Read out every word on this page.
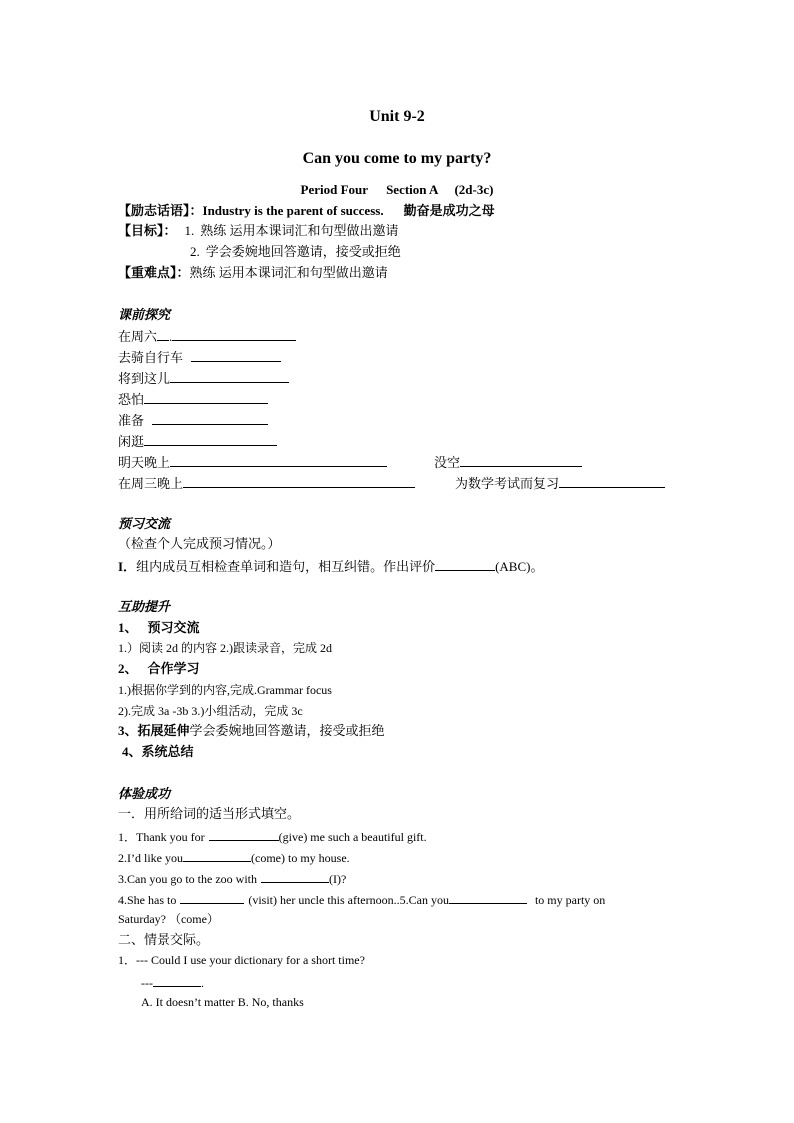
Unit 9-2
Can you come to my party?
Period Four Section A (2d-3c)
【励志话语】：Industry is the parent of success. 勤奋是成功之母
【目标】： 1. 熟练 运用本课词汇和句型做出邀请
2. 学会委婉地回答邀请，接受或拒绝
【重难点】：熟练 运用本课词汇和句型做出邀请
课前探究
在周六 .
去骑自行车
将到这儿
恐怕
准备
闲逛
明天晚上	没空
在周三晚上	为数学考试而复习
预习交流
（检查个人完成预习情况。）
I．组内成员互相检查单词和造句，相互纠错。作出评价	(ABC)。
互助提升
1、 预习交流
1.）阅读 2d 的内容 2.)跟读录音，完成 2d
2、 合作学习
1.)根据你学到的内容,完成.Grammar focus
2).完成 3a -3b 3.)小组活动，完成 3c
3、拓展延伸学会委婉地回答邀请，接受或拒绝
4、系统总结
体验成功
一．用所给词的适当形式填空。
1．Thank you for	(give) me such a beautiful gift.
2.I’d like you	(come) to my house.
3.Can you go to the zoo with	(I)?
4.She has to	(visit) her uncle this afternoon..5.Can you	to my party on
Saturday? （come）
二、情景交际。
1．--- Could I use your dictionary for a short time?
---	.
A. It doesn’t matter B. No, thanks
